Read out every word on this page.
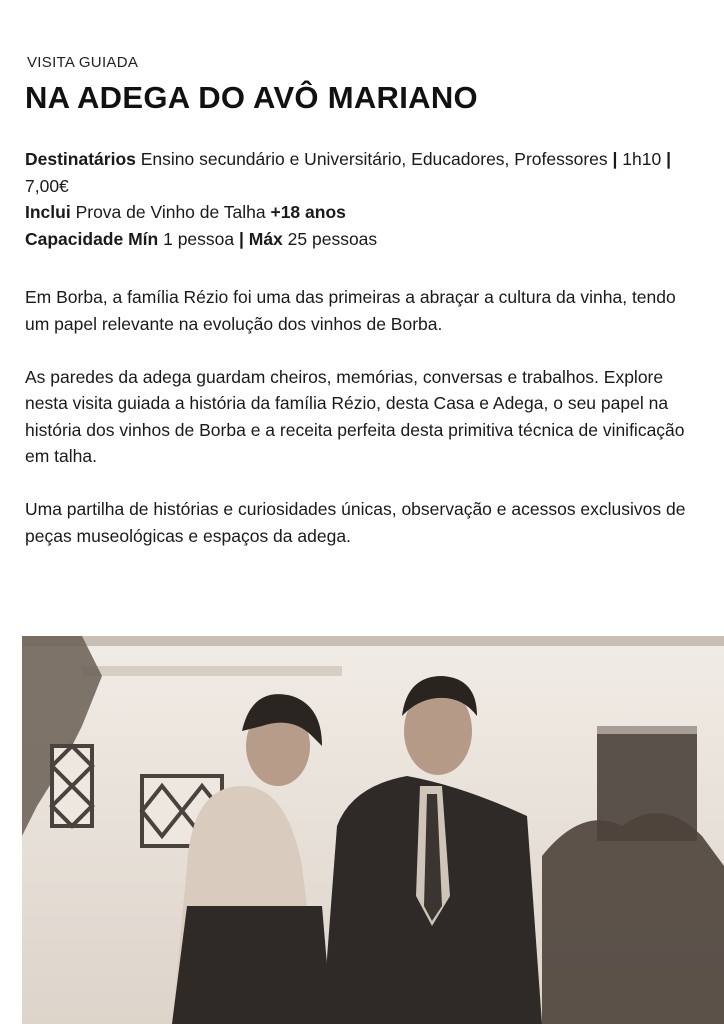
VISITA GUIADA
NA ADEGA DO AVÔ MARIANO
Destinatários Ensino secundário e Universitário, Educadores, Professores | 1h10 | 7,00€
Inclui Prova de Vinho de Talha +18 anos
Capacidade Mín 1 pessoa | Máx 25 pessoas

Em Borba, a família Rézio foi uma das primeiras a abraçar a cultura da vinha, tendo um papel relevante na evolução dos vinhos de Borba.

As paredes da adega guardam cheiros, memórias, conversas e trabalhos. Explore nesta visita guiada a história da família Rézio, desta Casa e Adega, o seu papel na história dos vinhos de Borba e a receita perfeita desta primitiva técnica de vinificação em talha.

Uma partilha de histórias e curiosidades únicas, observação e acessos exclusivos de peças museológicas e espaços da adega.
